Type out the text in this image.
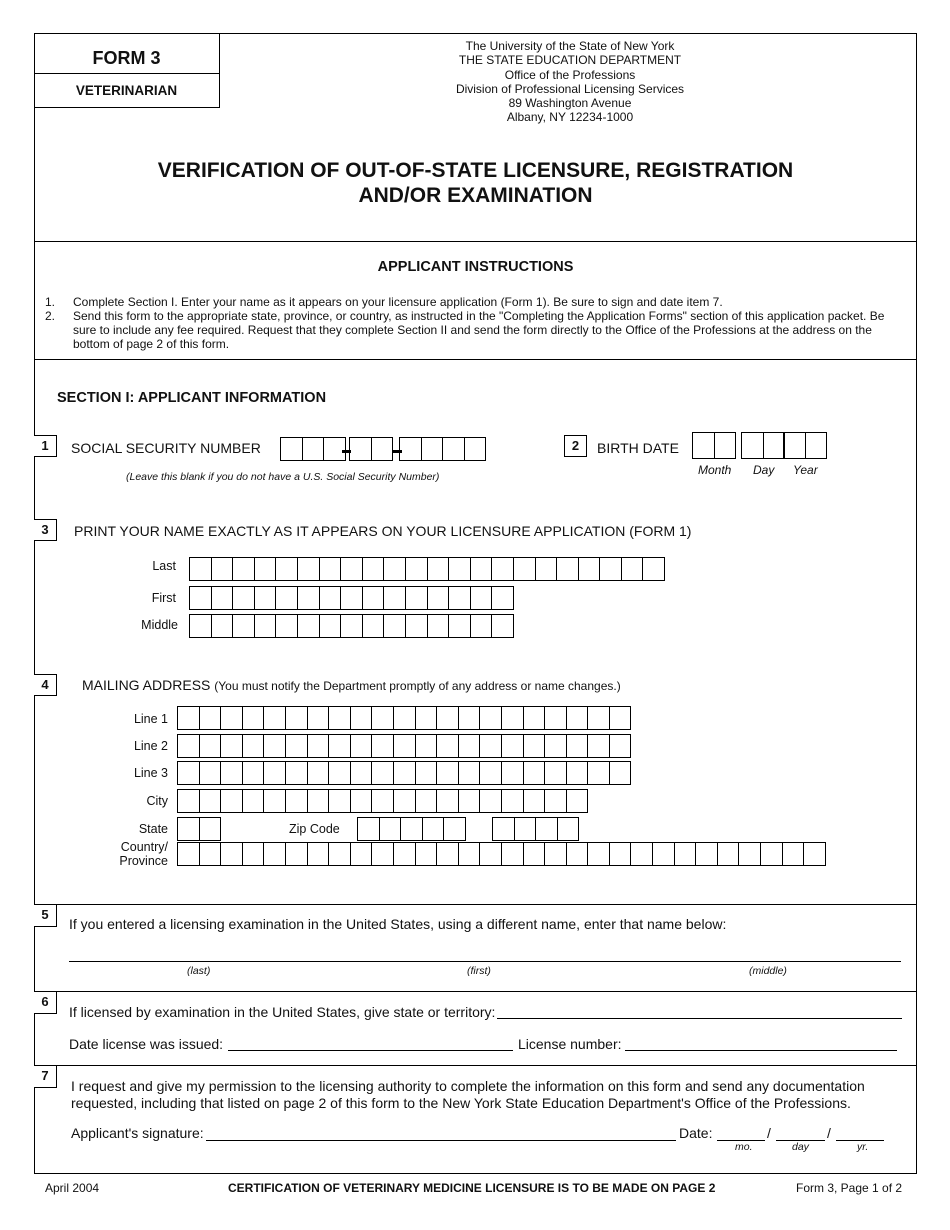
FORM 3
VETERINARIAN
The University of the State of New York
THE STATE EDUCATION DEPARTMENT
Office of the Professions
Division of Professional Licensing Services
89 Washington Avenue
Albany, NY 12234-1000
VERIFICATION OF OUT-OF-STATE LICENSURE, REGISTRATION
AND/OR EXAMINATION
APPLICANT INSTRUCTIONS
1.	Complete Section I. Enter your name as it appears on your licensure application (Form 1). Be sure to sign and date item 7.
2.	Send this form to the appropriate state, province, or country, as instructed in the "Completing the Application Forms" section of this application packet. Be sure to include any fee required. Request that they complete Section II and send the form directly to the Office of the Professions at the address on the bottom of page 2 of this form.
SECTION I: APPLICANT INFORMATION
1	SOCIAL SECURITY NUMBER
(Leave this blank if you do not have a U.S. Social Security Number)
2	BIRTH DATE
Month Day Year
3	PRINT YOUR NAME EXACTLY AS IT APPEARS ON YOUR LICENSURE APPLICATION (FORM 1)
Last
First
Middle
4	MAILING ADDRESS (You must notify the Department promptly of any address or name changes.)
Line 1
Line 2
Line 3
City
State	Zip Code
Country/
Province
5
If you entered a licensing examination in the United States, using a different name, enter that name below:
(last)	(first)	(middle)
6
If licensed by examination in the United States, give state or territory:
Date license was issued:	License number:
7
I request and give my permission to the licensing authority to complete the information on this form and send any documentation
requested, including that listed on page 2 of this form to the New York State Education Department's Office of the Professions.
Applicant's signature:	Date:	/	/
mo.	day	yr.
April 2004	CERTIFICATION OF VETERINARY MEDICINE LICENSURE IS TO BE MADE ON PAGE 2	Form 3, Page 1 of 2
